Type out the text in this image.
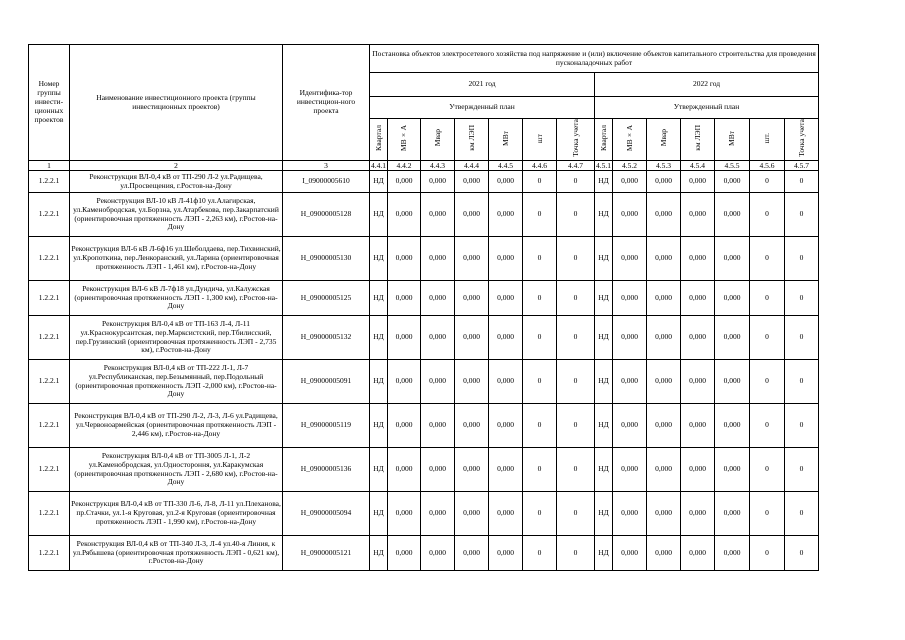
Номер группы инвести-ционных проектов	Наименование инвестиционного проекта (группы инвестиционных проектов)	Идентифика-тор инвестицион-ного проекта	Постановка объектов электросетевого хозяйства под напряжение и (или) включение объектов капитального строительства для проведения пусконаладочных работ													
			2021 год							2022 год						
			Утвержденный план							Утвержденный план						
			Квартал	МВ×А	Мвар	км ЛЭП	МВт	шт	Точка учета	Квартал	МВ×А	Мвар	км ЛЭП	МВт	шт.	Точка учета
1	2	3	4.4.1	4.4.2	4.4.3	4.4.4	4.4.5	4.4.6	4.4.7	4.5.1	4.5.2	4.5.3	4.5.4	4.5.5	4.5.6	4.5.7
1.2.2.1	Реконструкция ВЛ-0,4 кВ от ТП-290 Л-2 ул.Радищева, ул.Просвещения, г.Ростов-на-Дону	I_09000005610	НД	0,000	0,000	0,000	0,000	0	0	НД	0,000	0,000	0,000	0,000	0	0
1.2.2.1	Реконструкция ВЛ-10 кВ Л-41ф10 ул.Алагирская, ул.Каменобродская, ул.Борзна, ул.Атарбекова, пер.Закарпатский (ориентировочная протяженность ЛЭП - 2,263 км), г.Ростов-на-Дону	H_09000005128	НД	0,000	0,000	0,000	0,000	0	0	НД	0,000	0,000	0,000	0,000	0	0
1.2.2.1	Реконструкция ВЛ-6 кВ Л-6ф16 ул.Шеболдаева, пер.Тихвинский, ул.Кропоткина, пер.Ленкоранский, ул.Ларина (ориентировочная протяженность ЛЭП - 1,461 км), г.Ростов-на-Дону	H_09000005130	НД	0,000	0,000	0,000	0,000	0	0	НД	0,000	0,000	0,000	0,000	0	0
1.2.2.1	Реконструкция ВЛ-6 кВ Л-7ф18 ул.Дундича, ул.Калужская (ориентировочная протяженность ЛЭП - 1,300 км), г.Ростов-на-Дону	H_09000005125	НД	0,000	0,000	0,000	0,000	0	0	НД	0,000	0,000	0,000	0,000	0	0
1.2.2.1	Реконструкция ВЛ-0,4 кВ от ТП-163 Л-4, Л-11 ул.Краснокурсантская, пер.Марксистский, пер.Тбилисский, пер.Грузинский (ориентировочная протяженность ЛЭП - 2,735 км), г.Ростов-на-Дону	H_09000005132	НД	0,000	0,000	0,000	0,000	0	0	НД	0,000	0,000	0,000	0,000	0	0
1.2.2.1	Реконструкция ВЛ-0,4 кВ от ТП-222 Л-1, Л-7 ул.Республиканская, пер.Безымянный, пер.Подольный (ориентировочная протяженность ЛЭП -2,000 км), г.Ростов-на-Дону	H_09000005091	НД	0,000	0,000	0,000	0,000	0	0	НД	0,000	0,000	0,000	0,000	0	0
1.2.2.1	Реконструкция ВЛ-0,4 кВ от ТП-290 Л-2, Л-3, Л-6 ул.Радищева, ул.Червоноармейская (ориентировочная протяженность ЛЭП - 2,446 км), г.Ростов-на-Дону	H_09000005119	НД	0,000	0,000	0,000	0,000	0	0	НД	0,000	0,000	0,000	0,000	0	0
1.2.2.1	Реконструкция ВЛ-0,4 кВ от ТП-3005 Л-1, Л-2 ул.Каменобродская, ул.Одностороння, ул.Каракумская (ориентировочная протяженность ЛЭП - 2,680 км), г.Ростов-на-Дону	H_09000005136	НД	0,000	0,000	0,000	0,000	0	0	НД	0,000	0,000	0,000	0,000	0	0
1.2.2.1	Реконструкция ВЛ-0,4 кВ от ТП-330 Л-6, Л-8, Л-11 ул.Плеханова, пр.Стачки, ул.1-я Круговая, ул.2-я Круговая (ориентировочная протяженность ЛЭП - 1,990 км), г.Ростов-на-Дону	H_09000005094	НД	0,000	0,000	0,000	0,000	0	0	НД	0,000	0,000	0,000	0,000	0	0
1.2.2.1	Реконструкция ВЛ-0,4 кВ от ТП-340 Л-3, Л-4 ул.40-я Линия, к ул.Рябышева (ориентировочная протяженность ЛЭП - 0,621 км), г.Ростов-на-Дону	H_09000005121	НД	0,000	0,000	0,000	0,000	0	0	НД	0,000	0,000	0,000	0,000	0	0
